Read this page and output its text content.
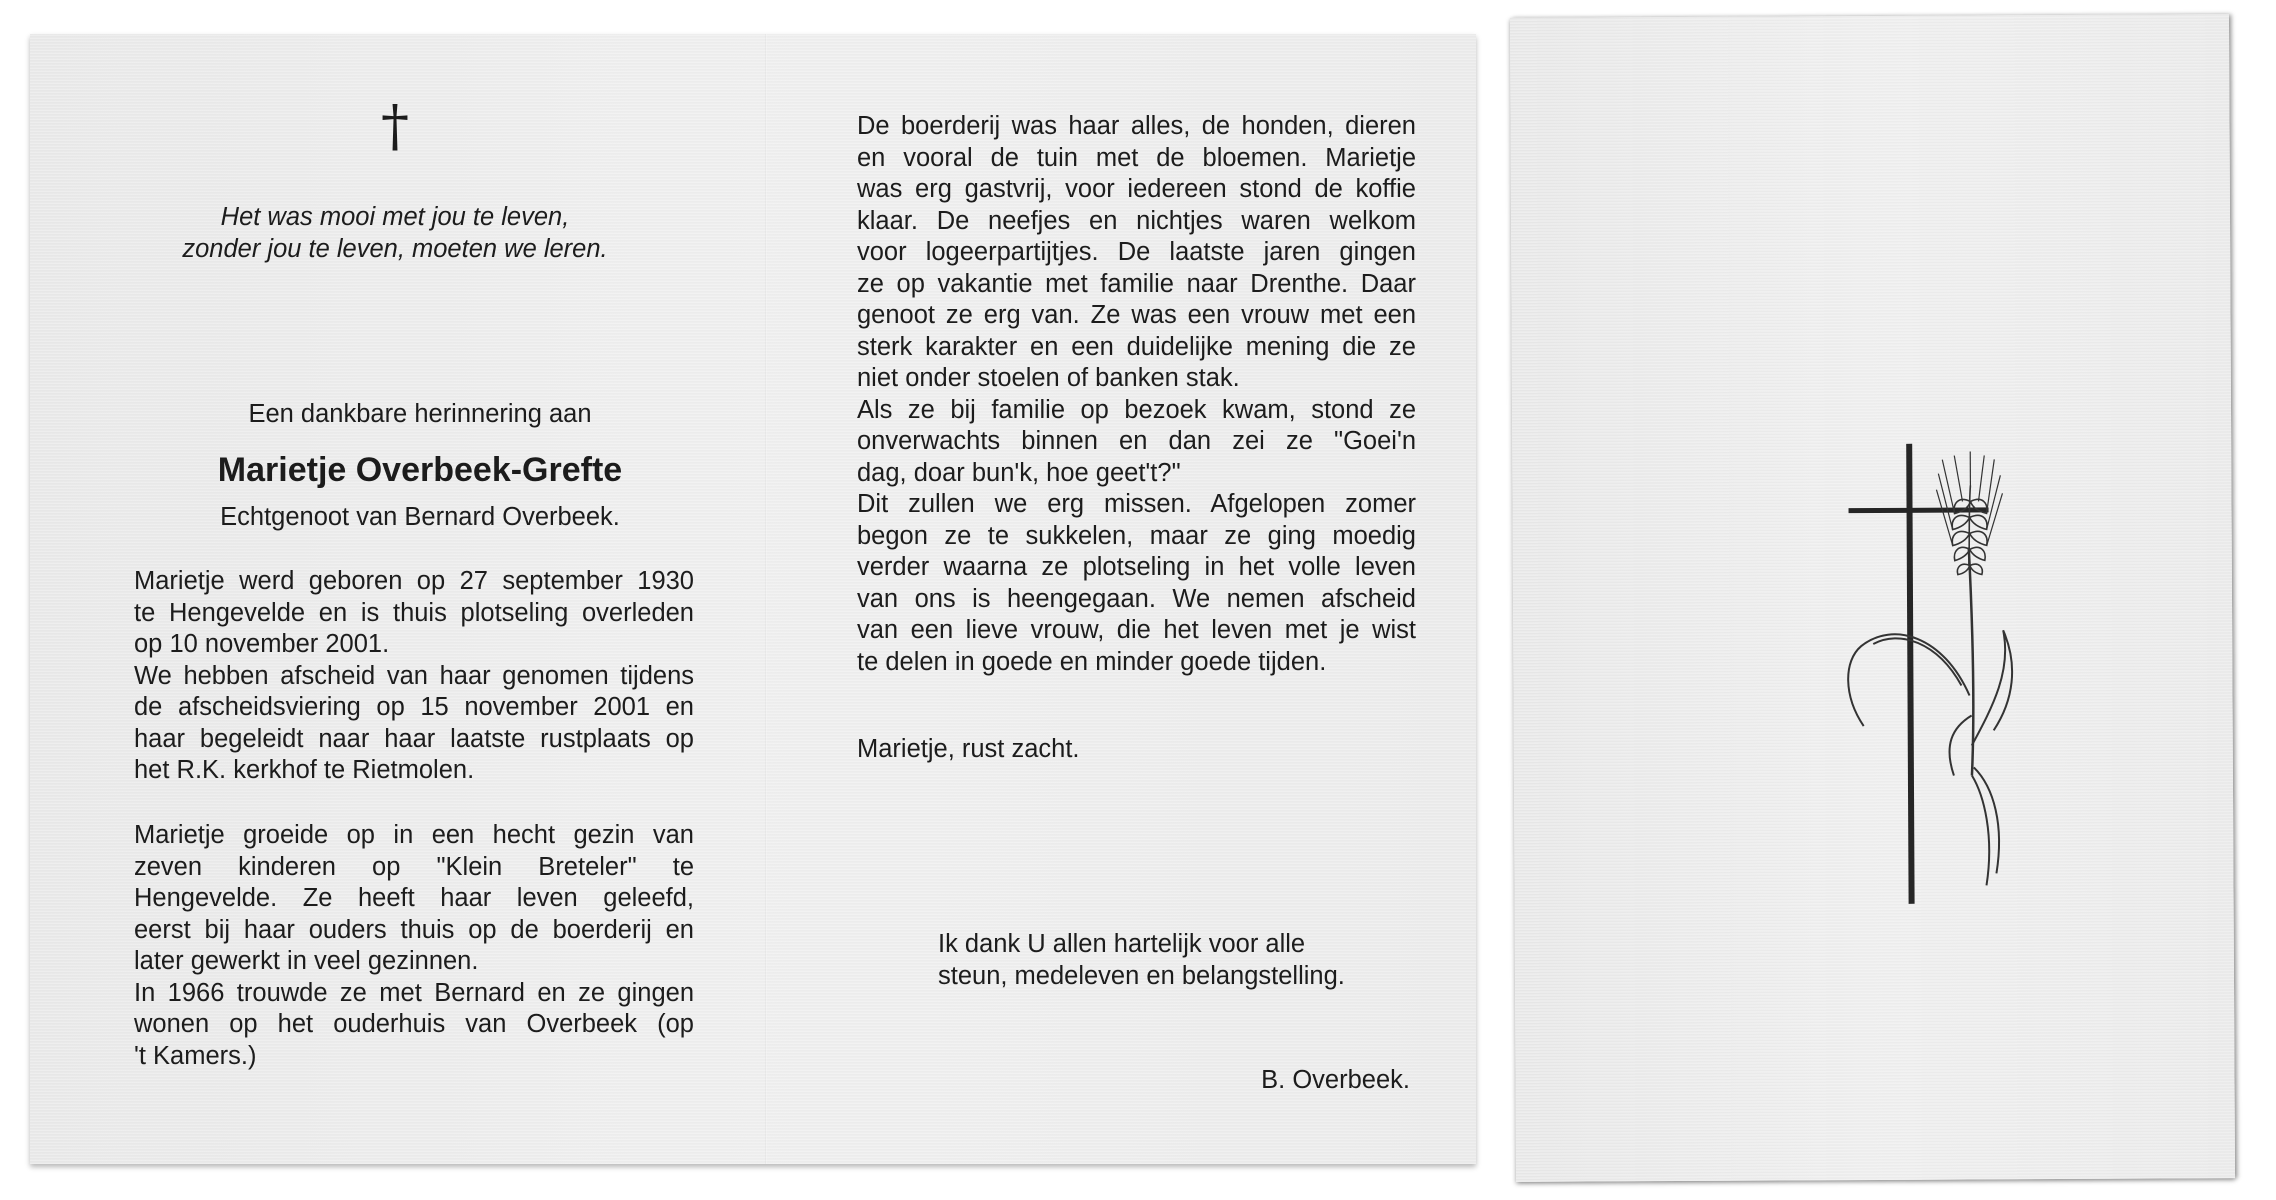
†
Het was mooi met jou te leven,
zonder jou te leven, moeten we leren.
Een dankbare herinnering aan
Marietje Overbeek-Grefte
Echtgenoot van Bernard Overbeek.
Marietje werd geboren op 27 september 1930
te Hengevelde en is thuis plotseling overleden
op 10 november 2001.
We hebben afscheid van haar genomen tijdens
de afscheidsviering op 15 november 2001 en
haar begeleidt naar haar laatste rustplaats op
het R.K. kerkhof te Rietmolen.
Marietje groeide op in een hecht gezin van
zeven kinderen op "Klein Breteler" te
Hengevelde. Ze heeft haar leven geleefd,
eerst bij haar ouders thuis op de boerderij en
later gewerkt in veel gezinnen.
In 1966 trouwde ze met Bernard en ze gingen
wonen op het ouderhuis van Overbeek (op
't Kamers.)
De boerderij was haar alles, de honden, dieren
en vooral de tuin met de bloemen. Marietje
was erg gastvrij, voor iedereen stond de koffie
klaar. De neefjes en nichtjes waren welkom
voor logeerpartijtjes. De laatste jaren gingen
ze op vakantie met familie naar Drenthe. Daar
genoot ze erg van. Ze was een vrouw met een
sterk karakter en een duidelijke mening die ze
niet onder stoelen of banken stak.
Als ze bij familie op bezoek kwam, stond ze
onverwachts binnen en dan zei ze "Goei'n
dag, doar bun'k, hoe geet't?"
Dit zullen we erg missen. Afgelopen zomer
begon ze te sukkelen, maar ze ging moedig
verder waarna ze plotseling in het volle leven
van ons is heengegaan. We nemen afscheid
van een lieve vrouw, die het leven met je wist
te delen in goede en minder goede tijden.
Marietje, rust zacht.
Ik dank U allen hartelijk voor alle
steun, medeleven en belangstelling.
B. Overbeek.
